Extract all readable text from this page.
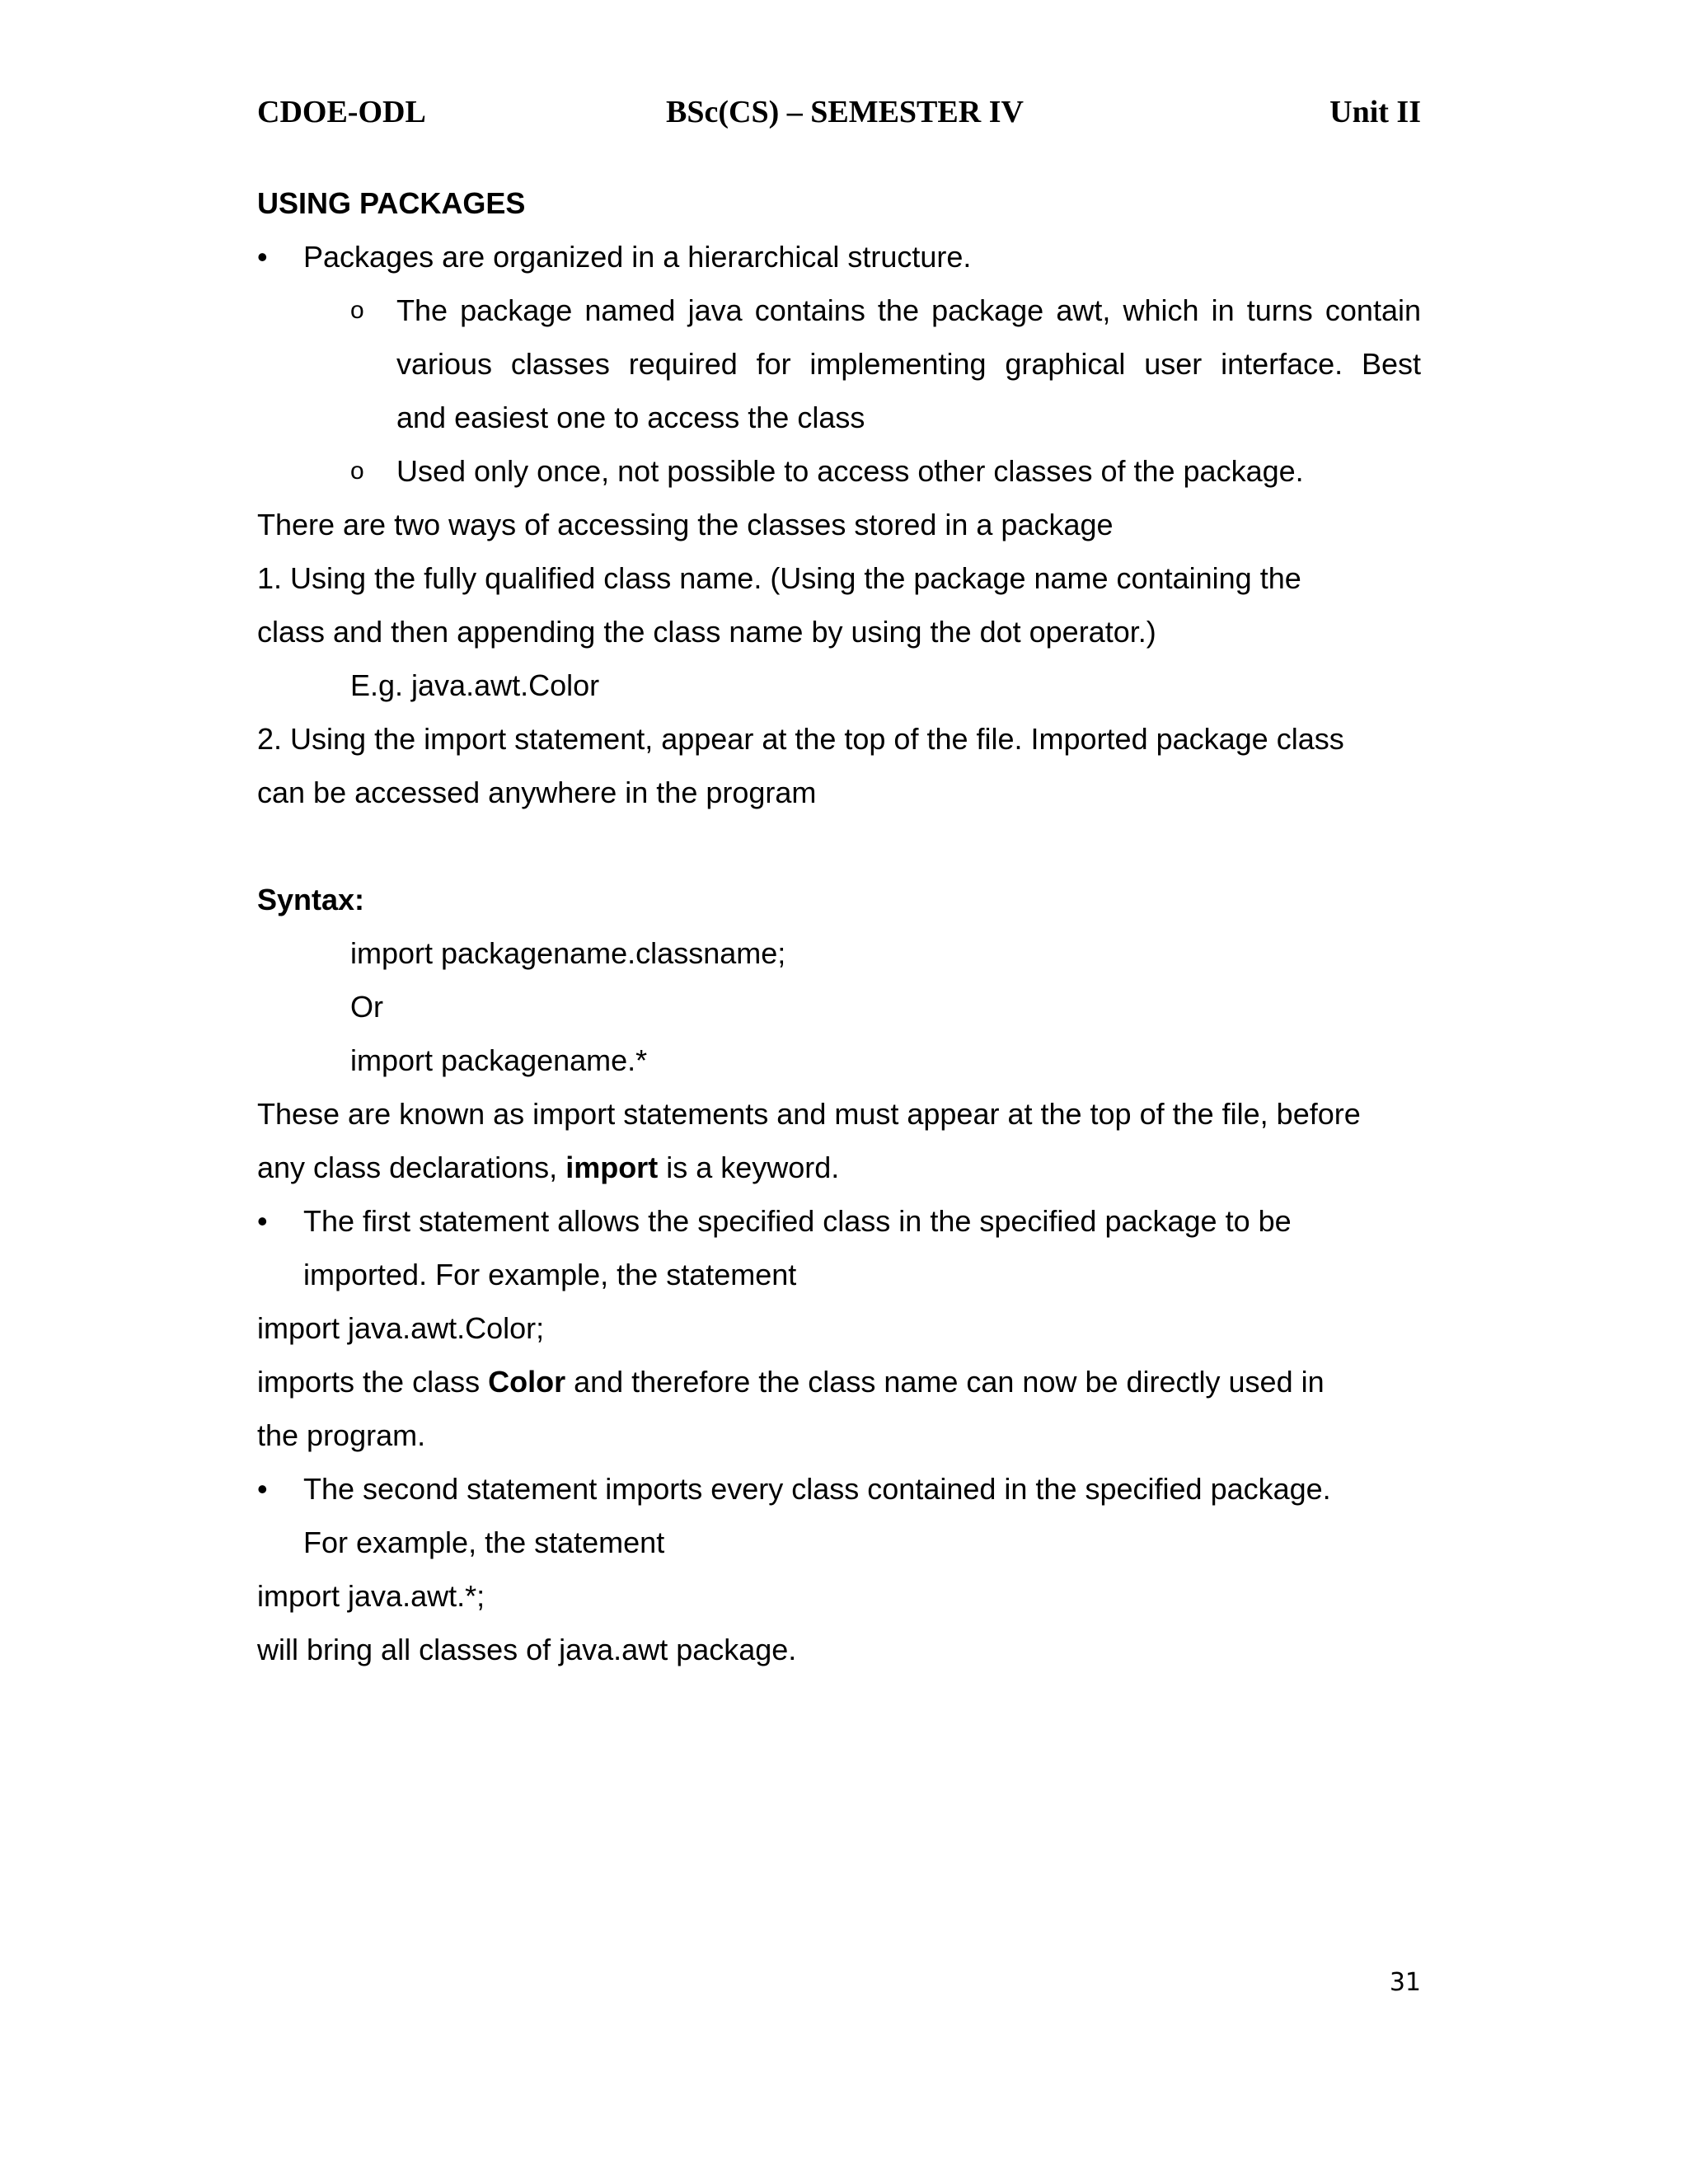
CDOE-ODL	BSc(CS) – SEMESTER IV	Unit II
USING PACKAGES
• Packages are organized in a hierarchical structure.
o The package named java contains the package awt, which in turns contain
various classes required for implementing graphical user interface. Best
and easiest one to access the class
o Used only once, not possible to access other classes of the package.
There are two ways of accessing the classes stored in a package
1. Using the fully qualified class name. (Using the package name containing the
class and then appending the class name by using the dot operator.)
E.g. java.awt.Color
2. Using the import statement, appear at the top of the file. Imported package class
can be accessed anywhere in the program
Syntax:
import packagename.classname;
Or
import packagename.*
These are known as import statements and must appear at the top of the file, before
any class declarations, import is a keyword.
• The first statement allows the specified class in the specified package to be
imported. For example, the statement
import java.awt.Color;
imports the class Color and therefore the class name can now be directly used in
the program.
• The second statement imports every class contained in the specified package.
For example, the statement
import java.awt.*;
will bring all classes of java.awt package.
31
